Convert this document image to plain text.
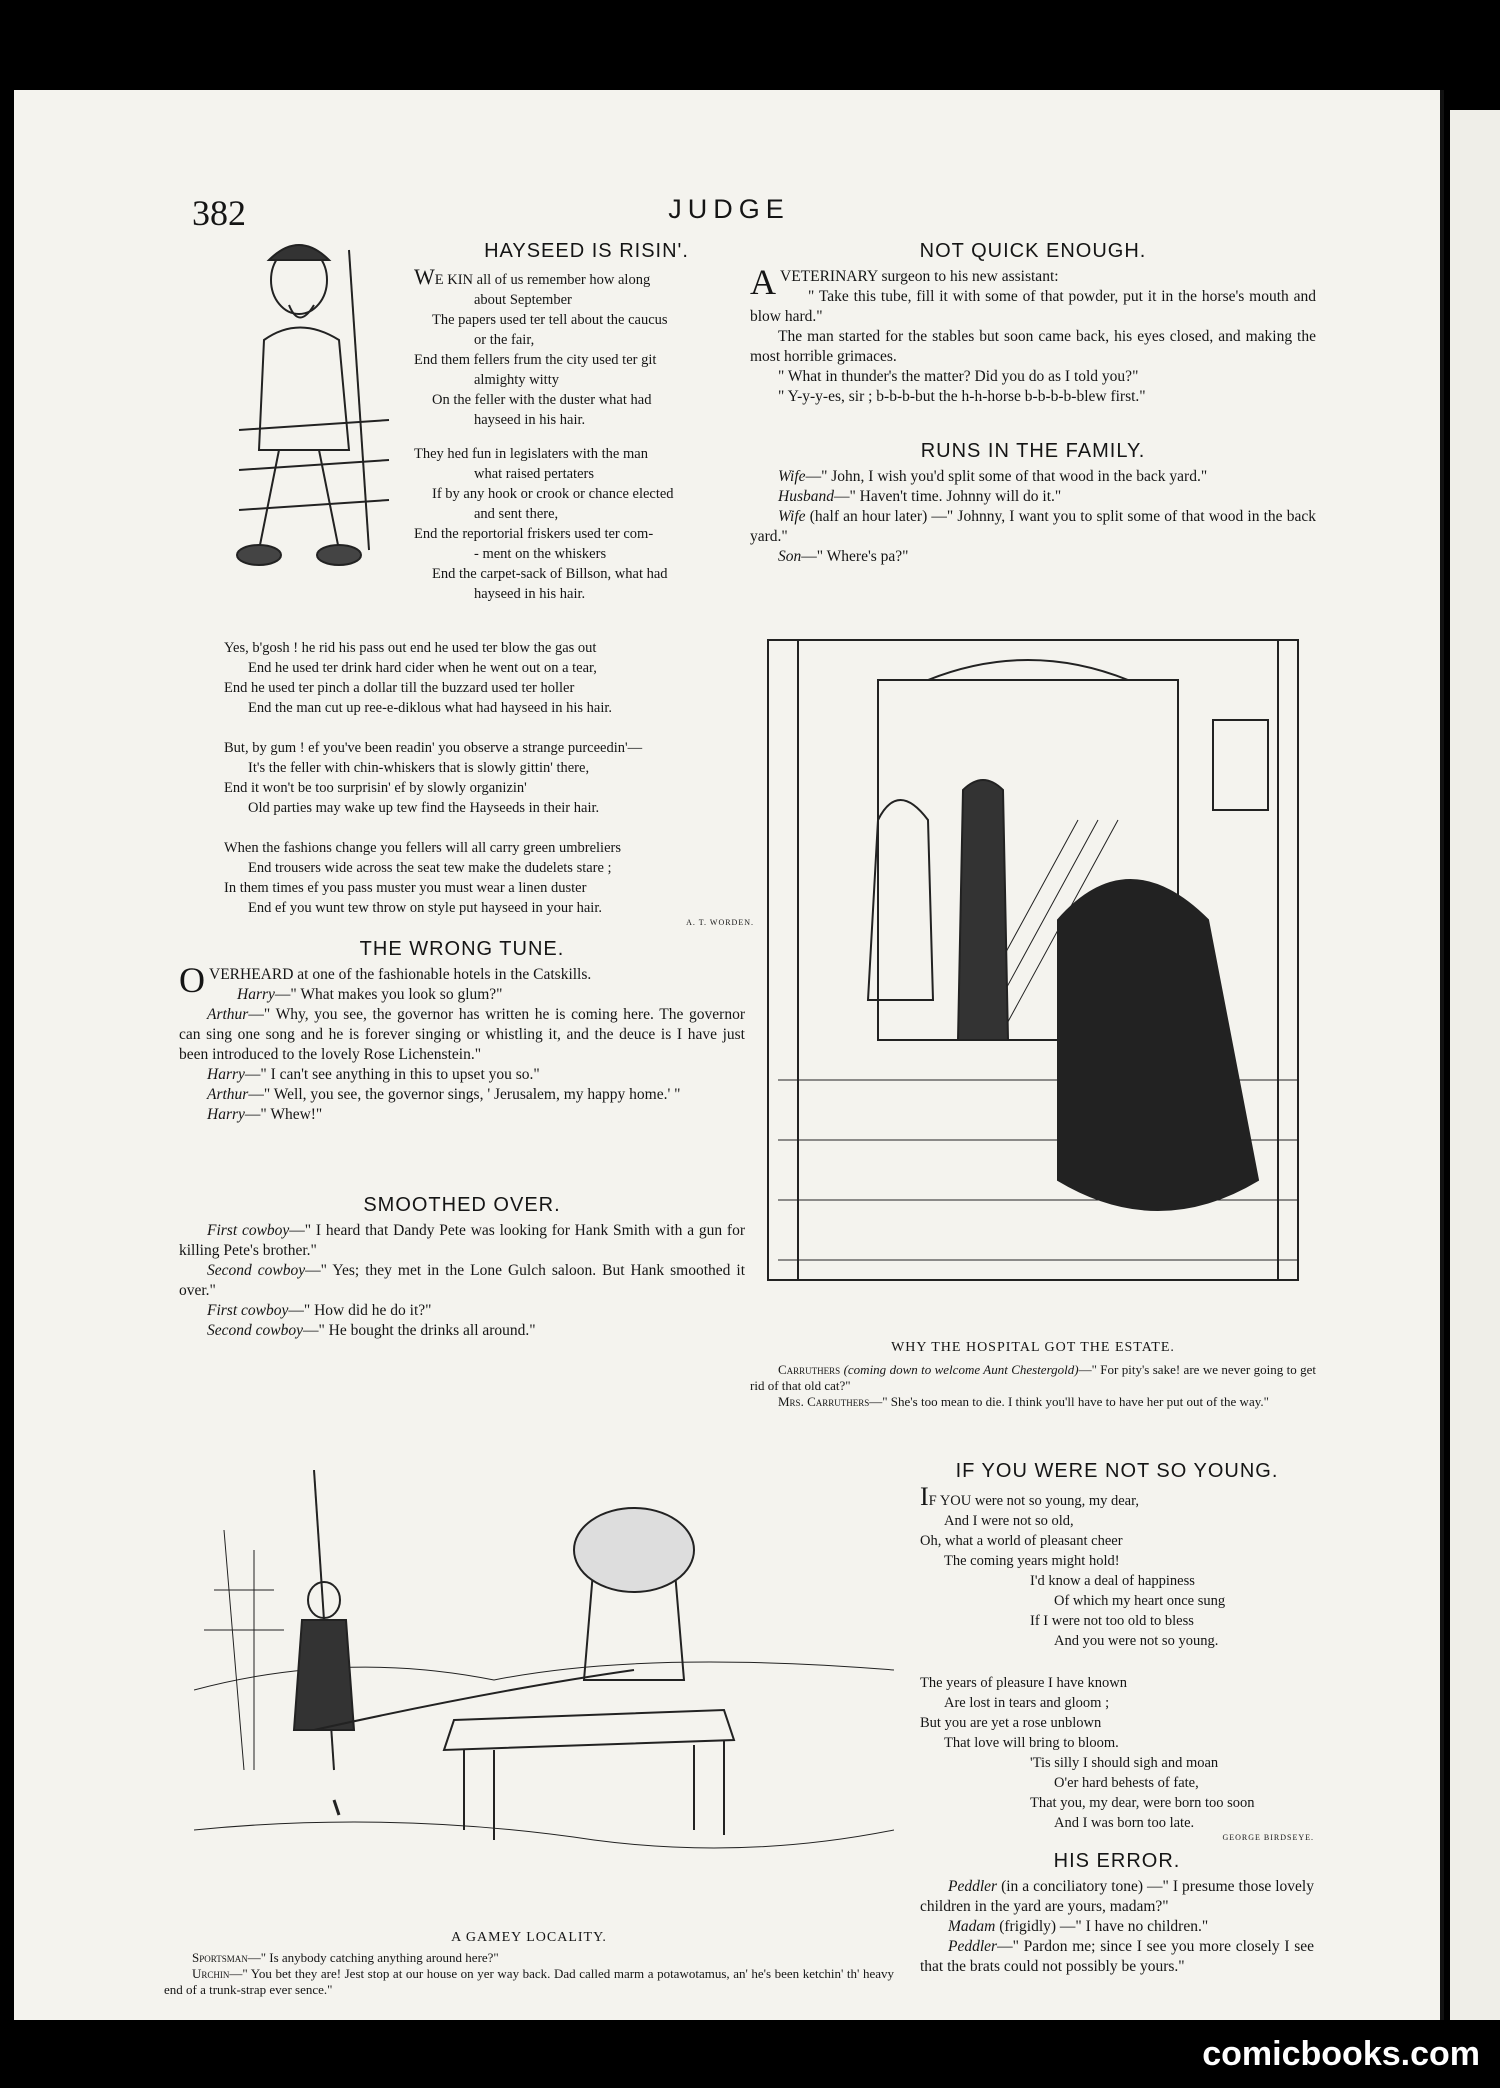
382	JUDGE
HAYSEED IS RISIN'.
WE KIN all of us remember how along
about September
The papers used ter tell about the caucus
or the fair,
End them fellers frum the city used ter git
almighty witty
On the feller with the duster what had
hayseed in his hair.
They hed fun in legislaters with the man
what raised pertaters
If by any hook or crook or chance elected
and sent there,
End the reportorial friskers used ter com-
- ment on the whiskers
End the carpet-sack of Billson, what had
hayseed in his hair.
Yes, b'gosh ! he rid his pass out end he used ter blow the gas out
End he used ter drink hard cider when he went out on a tear,
End he used ter pinch a dollar till the buzzard used ter holler
End the man cut up ree-e-diklous what had hayseed in his hair.
But, by gum ! ef you've been readin' you observe a strange purceedin'—
It's the feller with chin-whiskers that is slowly gittin' there,
End it won't be too surprisin' ef by slowly organizin'
Old parties may wake up tew find the Hayseeds in their hair.
When the fashions change you fellers will all carry green umbreliers
End trousers wide across the seat tew make the dudelets stare ;
In them times ef you pass muster you must wear a linen duster
End ef you wunt tew throw on style put hayseed in your hair.
A. T. WORDEN.
THE WRONG TUNE.

OVERHEARD at one of the fashionable hotels in the Catskills.

Harry—" What makes you look so glum?"

Arthur—" Why, you see, the governor has written he is coming here. The governor can sing one song and he is forever singing or whistling it, and the deuce is I have just been introduced to the lovely Rose Lichenstein."

Harry—" I can't see anything in this to upset you so."

Arthur—" Well, you see, the governor sings, ' Jerusalem, my happy home.' "

Harry—" Whew!"

SMOOTHED OVER.

First cowboy—" I heard that Dandy Pete was looking for Hank Smith with a gun for killing Pete's brother."

Second cowboy—" Yes; they met in the Lone Gulch saloon. But Hank smoothed it over."

First cowboy—" How did he do it?"

Second cowboy—" He bought the drinks all around."

NOT QUICK ENOUGH.

AVETERINARY surgeon to his new assistant:

" Take this tube, fill it with some of that powder, put it in the horse's mouth and blow hard."

The man started for the stables but soon came back, his eyes closed, and making the most horrible grimaces.

" What in thunder's the matter? Did you do as I told you?"

" Y-y-y-es, sir ; b-b-b-but the h-h-horse b-b-b-b-blew first."

RUNS IN THE FAMILY.

Wife—" John, I wish you'd split some of that wood in the back yard."

Husband—" Haven't time. Johnny will do it."

Wife (half an hour later) —" Johnny, I want you to split some of that wood in the back yard."

Son—" Where's pa?"

WHY THE HOSPITAL GOT THE ESTATE.

Carruthers (coming down to welcome Aunt Chestergold)—" For pity's sake! are we never going to get rid of that old cat?"

Mrs. Carruthers—" She's too mean to die. I think you'll have to have her put out of the way."

IF YOU WERE NOT SO YOUNG.
IF YOU were not so young, my dear,
And I were not so old,
Oh, what a world of pleasant cheer
The coming years might hold!
I'd know a deal of happiness
Of which my heart once sung
If I were not too old to bless
And you were not so young.
The years of pleasure I have known
Are lost in tears and gloom ;
But you are yet a rose unblown
That love will bring to bloom.
'Tis silly I should sigh and moan
O'er hard behests of fate,
That you, my dear, were born too soon
And I was born too late.
GEORGE BIRDSEYE.
HIS ERROR.

Peddler (in a conciliatory tone) —" I presume those lovely children in the yard are yours, madam?"

Madam (frigidly) —" I have no children."

Peddler—" Pardon me; since I see you more closely I see that the brats could not possibly be yours."

A GAMEY LOCALITY.

Sportsman—" Is anybody catching anything around here?"

Urchin—" You bet they are! Jest stop at our house on yer way back. Dad called marm a potawotamus, an' he's been ketchin' th' heavy end of a trunk-strap ever sence."

comicbooks.com
